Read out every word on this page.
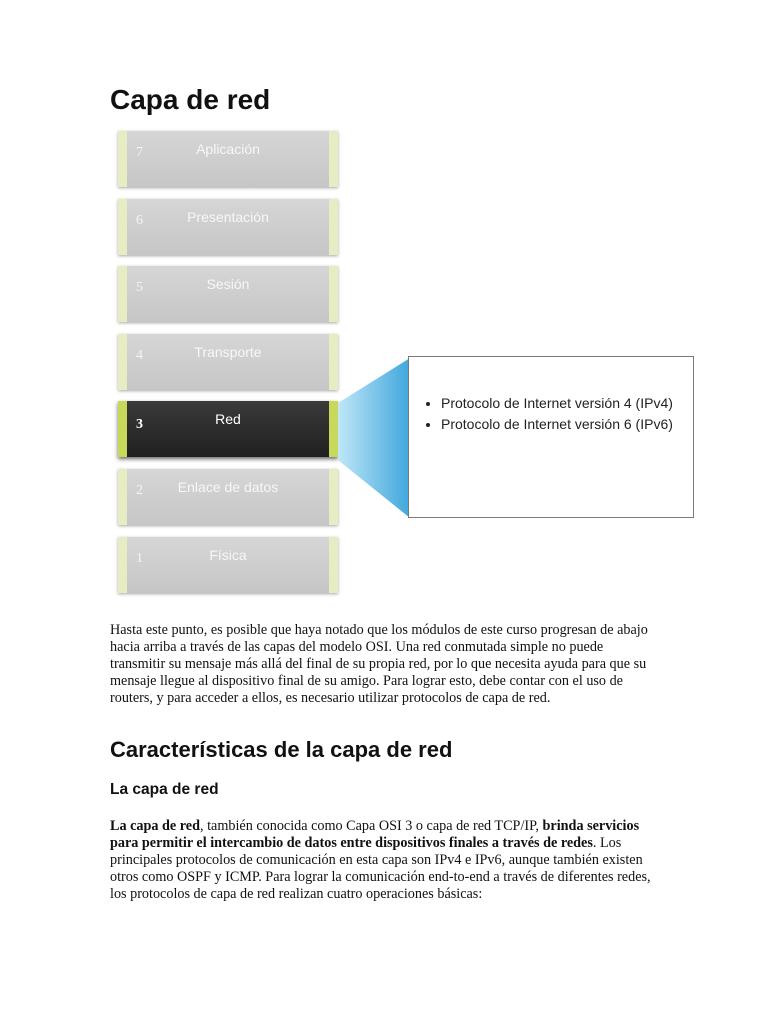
Capa de red
7	Aplicación
6	Presentación
5	Sesión
4	Transporte
3	Red
2	Enlace de datos
1	Física
• Protocolo de Internet versión 4 (IPv4)
• Protocolo de Internet versión 6 (IPv6)

Hasta este punto, es posible que haya notado que los módulos de este curso progresan de abajo hacia arriba a través de las capas del modelo OSI. Una red conmutada simple no puede transmitir su mensaje más allá del final de su propia red, por lo que necesita ayuda para que su mensaje llegue al dispositivo final de su amigo. Para lograr esto, debe contar con el uso de routers, y para acceder a ellos, es necesario utilizar protocolos de capa de red.

Características de la capa de red
La capa de red

La capa de red, también conocida como Capa OSI 3 o capa de red TCP/IP, brinda servicios para permitir el intercambio de datos entre dispositivos finales a través de redes. Los principales protocolos de comunicación en esta capa son IPv4 e IPv6, aunque también existen otros como OSPF y ICMP. Para lograr la comunicación end-to-end a través de diferentes redes, los protocolos de capa de red realizan cuatro operaciones básicas:
